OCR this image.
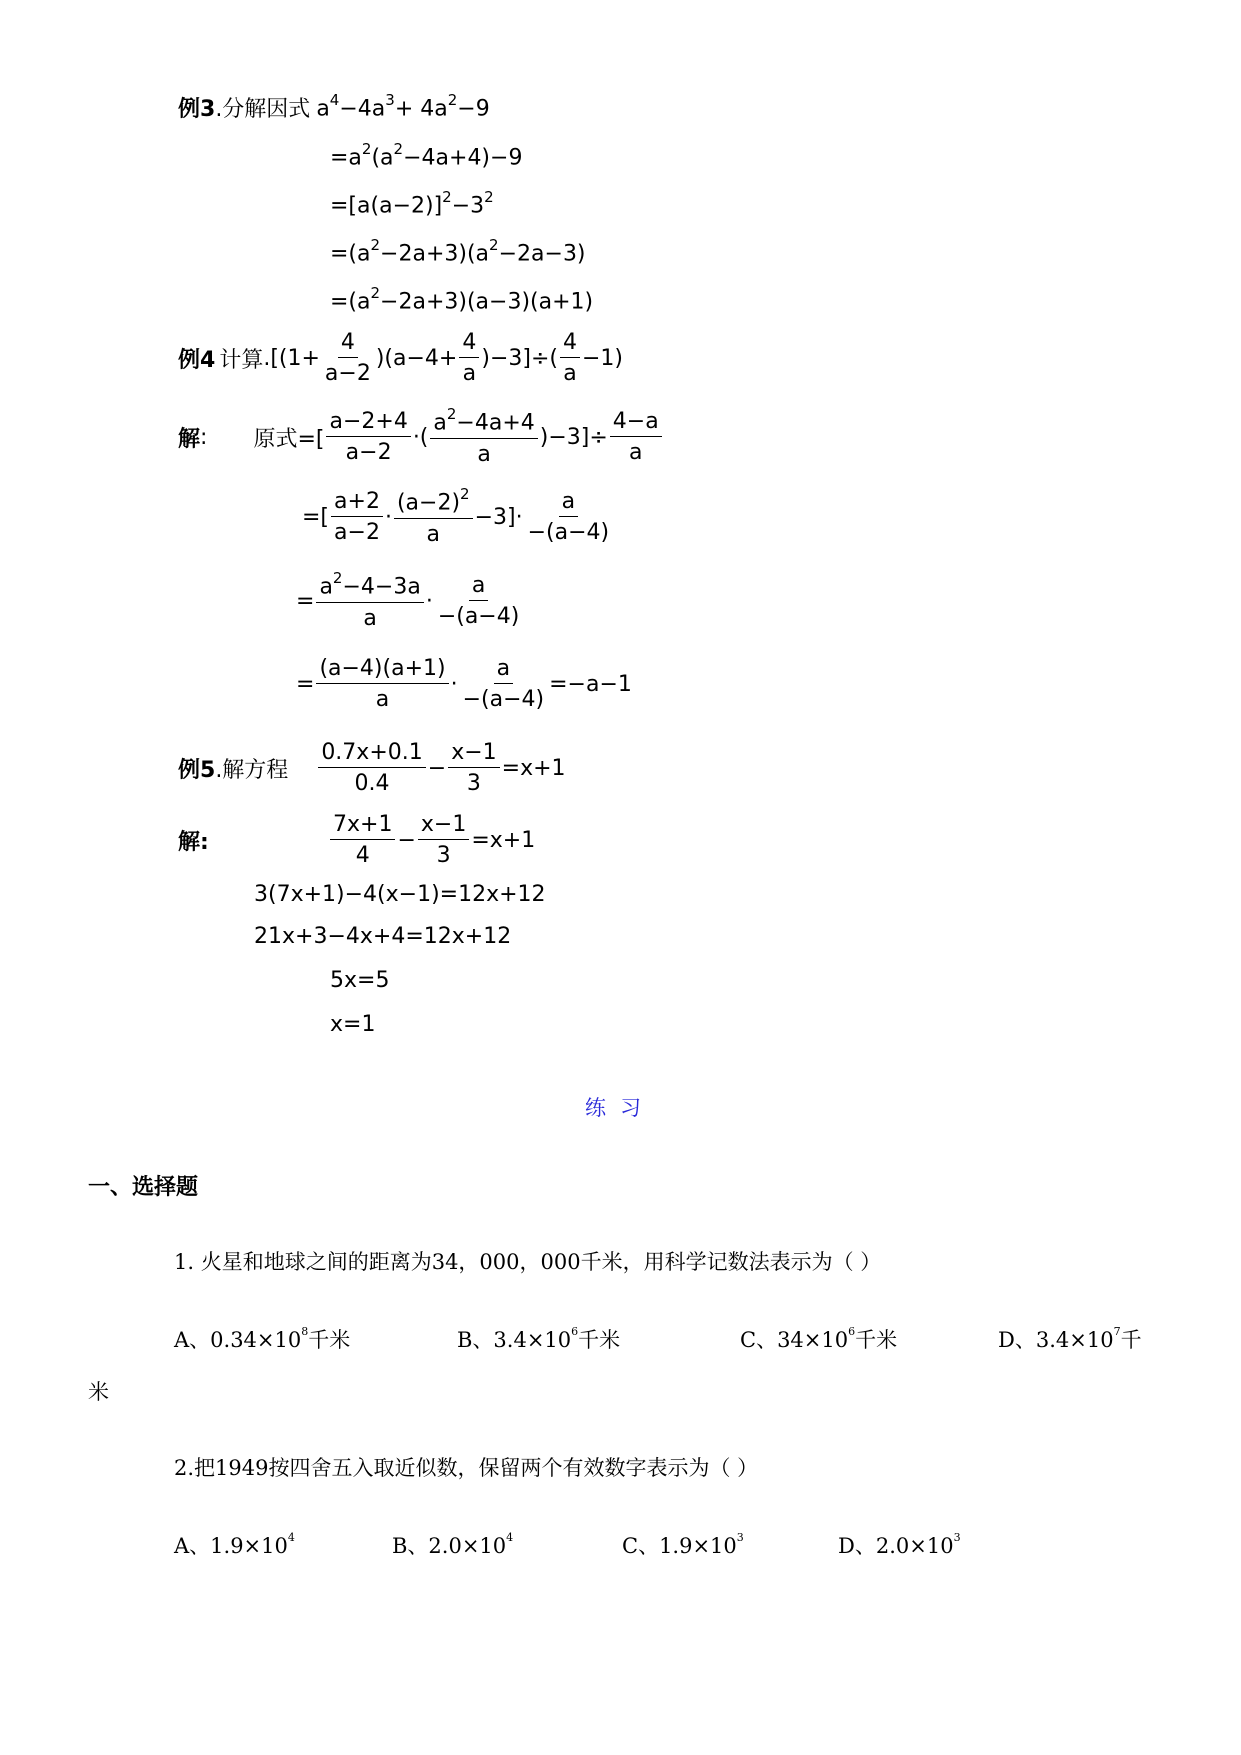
例3 .分解因式 $a^4-4a^3+ 4a^2-9$
$=a^2(a^2-4a+4)-9$
$=[a(a-2)]^2-3^2$
$=(a^2-2a+3)(a^2-2a-3)$
$=(a^2-2a+3)(a-3)(a+1)$
例4 计算 $.[(1+ \frac{4}{a-2} )(a-4+ \frac{4}{a} )-3]\div( \frac{4}{a} -1)$
解 : 原式=[ $\frac{a-2+4}{a-2}$ ·( $\frac{a^2-4a+4}{a} )-3]\div \frac{4-a}{a}$
=[ $\frac{a+2}{a-2} \cdot \frac{(a-2)^2}{a} -3]\cdot \frac{a}{-(a-4)}$
= $\frac{a^2-4-3a}{a} \cdot \frac{a}{-(a-4)}$
= $\frac{(a-4)(a+1)}{a} \cdot \frac{a}{-(a-4)} =-a-1$
例5 .解方程 $\frac{0.7x+0.1}{0.4} - \frac{x-1}{3} =x+1$
解:	$\frac{7x+1}{4} - \frac{x-1}{3} =x+1$
3(7x+1)−4(x−1)=12x+12
21x+3−4x+4=12x+12
5x=5
x=1
练习
一、选择题
1. 火星和地球之间的距离为34，000，000千米，用科学记数法表示为（ ）
A、$0.34\times 10^8$千米	B、$3.4\times 10^6$千米	C、$34\times 10^6$千米	D、$3.4\times 10^7$千
米
2.把1949按四舍五入取近似数，保留两个有效数字表示为（ ）
A、$1.9\times 10^4$	B、$2.0\times 10^4$	C、$1.9\times 10^3$	D、$2.0\times 10^3$
